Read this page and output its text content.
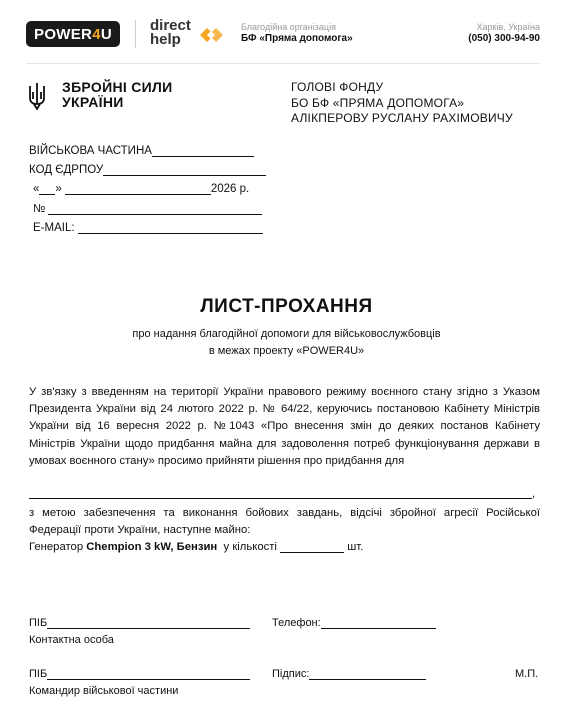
POWER 4 U	direct
help
Благодійна організація
БФ «Пряма допомога»
Харків, Україна
(050) 300-94-90
ЗБРОЙНІ СИЛИ
УКРАЇНИ
ГОЛОВІ ФОНДУ
БО БФ «ПРЯМА ДОПОМОГА»
АЛІКПЕРОВУ РУСЛАНУ РАХІМОВИЧУ
ВІЙСЬКОВА ЧАСТИНА
КОД ЄДРПОУ
« »	2026 р.
№
E-MAIL:
ЛИСТ-ПРОХАННЯ
про надання благодійної допомоги для військовослужбовців
в межах проекту «POWER4U»
У зв'язку з введенням на території України правового режиму воєнного стану згідно з Указом Президента України від 24 лютого 2022 р. № 64/22, керуючись постановою Кабінету Міністрів України від 16 вересня 2022 р. №1043 «Про внесення змін до деяких постанов Кабінету Міністрів України щодо придбання майна для задоволення потреб функціонування держави в умовах воєнного стану» просимо прийняти рішення про придбання для
,
з метою забезпечення та виконання бойових завдань, відсічі збройної агресії Російської Федерації проти України, наступне майно:
Генератор
Chempion 3 kW, Бензин
у кількості

	шт.
ПІБ	Телефон:
Контактна особа
ПІБ	Підпис:	М.П.
Командир військової частини
